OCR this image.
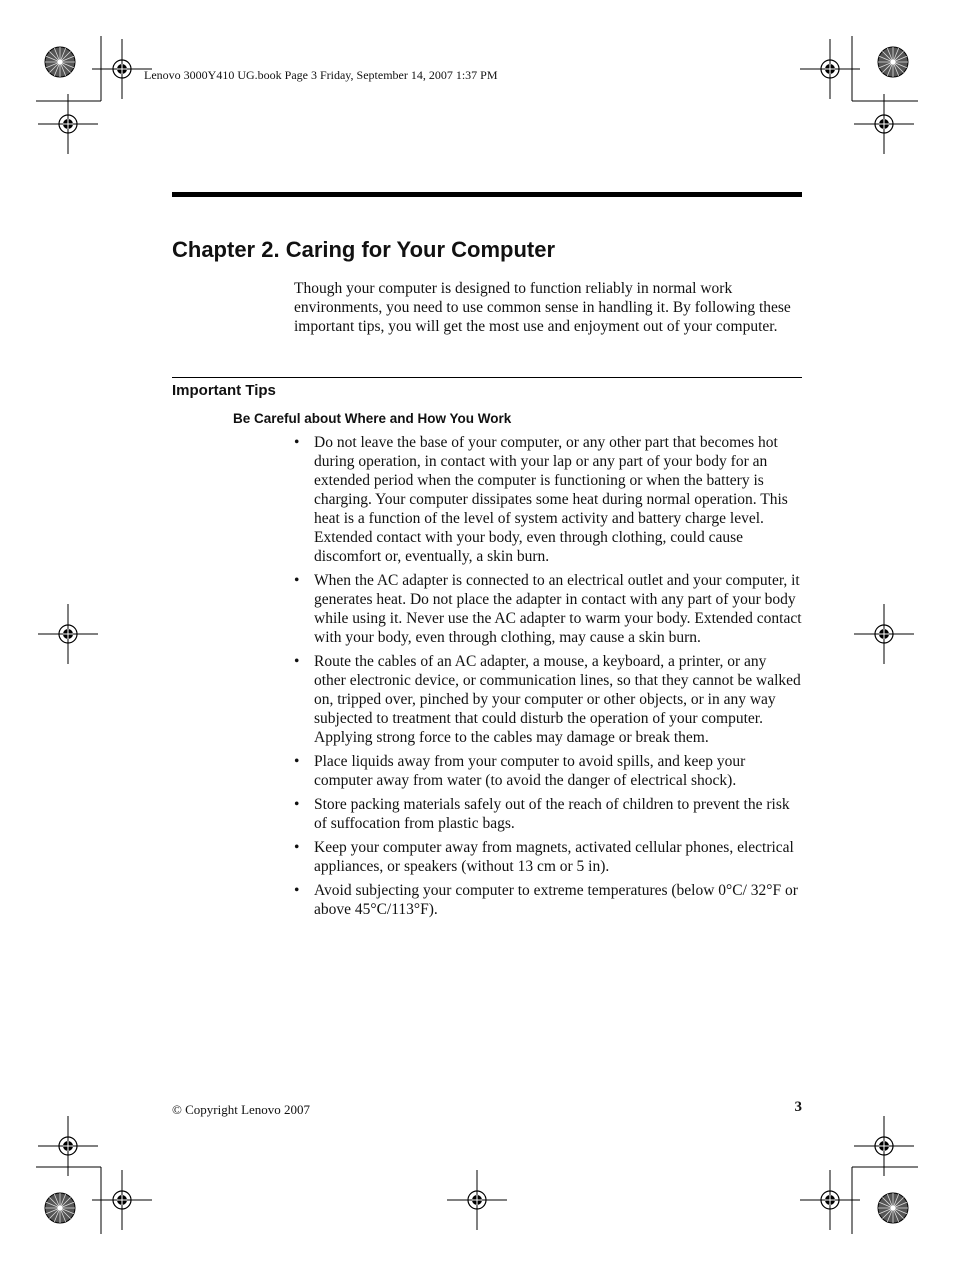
Lenovo 3000Y410 UG.book Page 3 Friday, September 14, 2007 1:37 PM
Chapter 2. Caring for Your Computer

Though your computer is designed to function reliably in normal work environments, you need to use common sense in handling it. By following these important tips, you will get the most use and enjoyment out of your computer.

Important Tips
Be Careful about Where and How You Work
• Do not leave the base of your computer, or any other part that becomes hot during operation, in contact with your lap or any part of your body for an extended period when the computer is functioning or when the battery is charging. Your computer dissipates some heat during normal operation. This heat is a function of the level of system activity and battery charge level. Extended contact with your body, even through clothing, could cause discomfort or, eventually, a skin burn.
• When the AC adapter is connected to an electrical outlet and your computer, it generates heat. Do not place the adapter in contact with any part of your body while using it. Never use the AC adapter to warm your body. Extended contact with your body, even through clothing, may cause a skin burn.
• Route the cables of an AC adapter, a mouse, a keyboard, a printer, or any other electronic device, or communication lines, so that they cannot be walked on, tripped over, pinched by your computer or other objects, or in any way subjected to treatment that could disturb the operation of your computer. Applying strong force to the cables may damage or break them.
• Place liquids away from your computer to avoid spills, and keep your computer away from water (to avoid the danger of electrical shock).
• Store packing materials safely out of the reach of children to prevent the risk of suffocation from plastic bags.
• Keep your computer away from magnets, activated cellular phones, electrical appliances, or speakers (without 13 cm or 5 in).
• Avoid subjecting your computer to extreme temperatures (below 0°C/ 32°F or above 45°C/113°F).
© Copyright Lenovo 2007	3
